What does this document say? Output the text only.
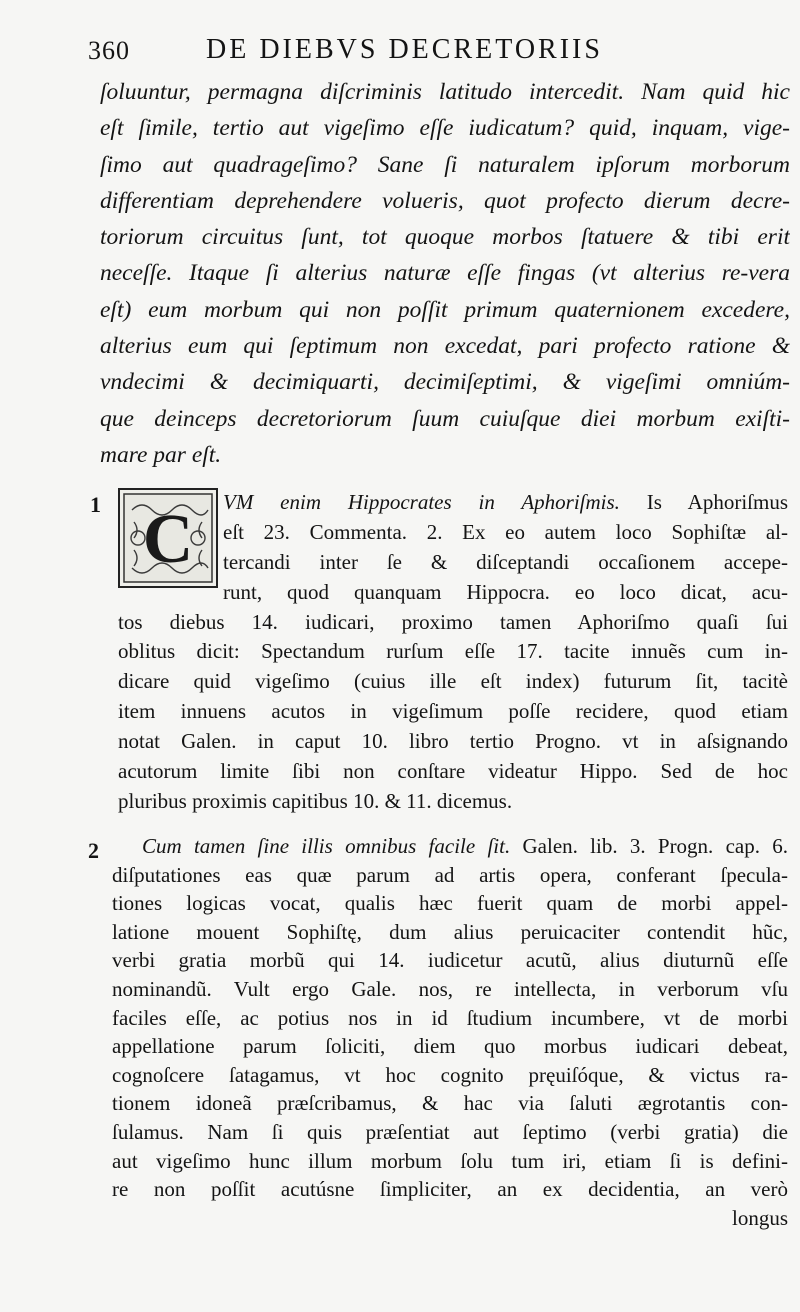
360	DE DIEBVS DECRETORIIS
ſoluuntur, permagna diſcriminis latitudo intercedit. Nam quid hic
eſt ſimile, tertio aut vigeſimo eſſe iudicatum? quid, inquam, vige-
ſimo aut quadrageſimo? Sane ſi naturalem ipſorum morborum
differentiam deprehendere volueris, quot profecto dierum decre-
toriorum circuitus ſunt, tot quoque morbos ſtatuere & tibi erit
neceſſe. Itaque ſi alterius naturæ eſſe fingas (vt alterius re-vera
eſt) eum morbum qui non poſſit primum quaternionem excedere,
alterius eum qui ſeptimum non excedat, pari profecto ratione &
vndecimi & decimiquarti, decimiſeptimi, & vigeſimi omniúm-
que deinceps decretoriorum ſuum cuiuſque diei morbum exiſti-
mare par eſt.
1 C	VM enim Hippocrates in Aphoriſmis. Is Aphoriſmus
eſt 23. Commenta. 2. Ex eo autem loco Sophiſtæ al-
tercandi inter ſe & diſceptandi occaſionem accepe-
runt, quod quanquam Hippocra. eo loco dicat, acu-
tos diebus 14. iudicari, proximo tamen Aphoriſmo quaſi ſui
oblitus dicit: Spectandum rurſum eſſe 17. tacite innuẽs cum in-
dicare quid vigeſimo (cuius ille eſt index) futurum ſit, tacitè
item innuens acutos in vigeſimum poſſe recidere, quod etiam
notat Galen. in caput 10. libro tertio Progno. vt in aſsignando
acutorum limite ſibi non conſtare videatur Hippo. Sed de hoc
pluribus proximis capitibus 10. & 11. dicemus.
2	Cum tamen ſine illis omnibus facile ſit. Galen. lib. 3. Progn. cap. 6.
diſputationes eas quæ parum ad artis opera, conferant ſpecula-
tiones logicas vocat, qualis hæc fuerit quam de morbi appel-
latione mouent Sophiſtę, dum alius peruicaciter contendit hũc,
verbi gratia morbũ qui 14. iudicetur acutũ, alius diuturnũ eſſe
nominandũ. Vult ergo Gale. nos, re intellecta, in verborum vſu
faciles eſſe, ac potius nos in id ſtudium incumbere, vt de morbi
appellatione parum ſoliciti, diem quo morbus iudicari debeat,
cognoſcere ſatagamus, vt hoc cognito pręuiſóque, & victus ra-
tionem idoneã præſcribamus, & hac via ſaluti ægrotantis con-
ſulamus. Nam ſi quis præſentiat aut ſeptimo (verbi gratia) die
aut vigeſimo hunc illum morbum ſolu tum iri, etiam ſi is defini-
re non poſſit acutúsne ſimpliciter, an ex decidentia, an verò
longus
